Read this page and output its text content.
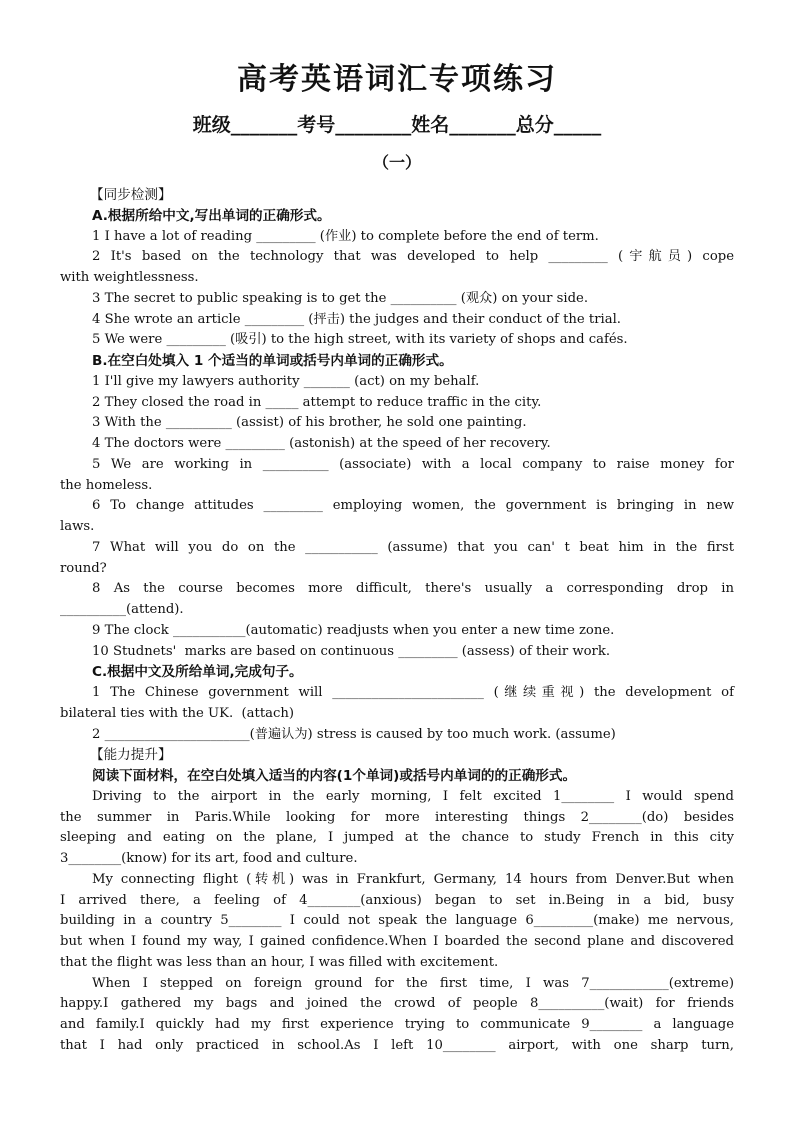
高考英语词汇专项练习
班级_______考号________姓名_______总分_____
（一）
【同步检测】
A.根据所给中文,写出单词的正确形式。
1 I have a lot of reading _________ (作业) to complete before the end of term.
2 It's based on the technology that was developed to help _________ (宇航员) cope
with weightlessness.
3 The secret to public speaking is to get the __________ (观众) on your side.
4 She wrote an article _________ (抨击) the judges and their conduct of the trial.
5 We were _________ (吸引) to the high street, with its variety of shops and cafés.
B.在空白处填入 1 个适当的单词或括号内单词的正确形式。
1 I'll give my lawyers authority _______ (act) on my behalf.
2 They closed the road in _____ attempt to reduce traffic in the city.
3 With the __________ (assist) of his brother, he sold one painting.
4 The doctors were _________ (astonish) at the speed of her recovery.
5 We are working in __________ (associate) with a local company to raise money for
the homeless.
6 To change attitudes _________ employing women, the government is bringing in new
laws.
7 What will you do on the ___________ (assume) that you can' t beat him in the first
round?
8 As the course becomes more difficult, there's usually a corresponding drop in
__________(attend).
9 The clock ___________(automatic) readjusts when you enter a new time zone.
10 Studnets'  marks are based on continuous _________ (assess) of their work.
C.根据中文及所给单词,完成句子。
1 The Chinese government will _______________________ (继续重视) the development of
bilateral ties with the UK.  (attach)
2 ______________________(普遍认为) stress is caused by too much work. (assume)
【能力提升】
阅读下面材料，在空白处填入适当的内容(1个单词)或括号内单词的的正确形式。
Driving to the airport in the early morning, I felt excited 1________ I would spend
the summer in Paris.While looking for more interesting things 2________(do) besides
sleeping and eating on the plane, I jumped at the chance to study French in this city
3________(know) for its art, food and culture.
My connecting flight (转机) was in Frankfurt, Germany, 14 hours from Denver.But when
I arrived there, a feeling of 4________(anxious) began to set in.Being in a bid, busy
building in a country 5________ I could not speak the language 6_________(make) me nervous,
but when I found my way, I gained confidence.When I boarded the second plane and discovered
that the flight was less than an hour, I was filled with excitement.
When I stepped on foreign ground for the first time, I was 7____________(extreme)
happy.I gathered my bags and joined the crowd of people 8__________(wait) for friends
and family.I quickly had my first experience trying to communicate 9________ a language
that I had only practiced in school.As I left 10________ airport, with one sharp turn,
